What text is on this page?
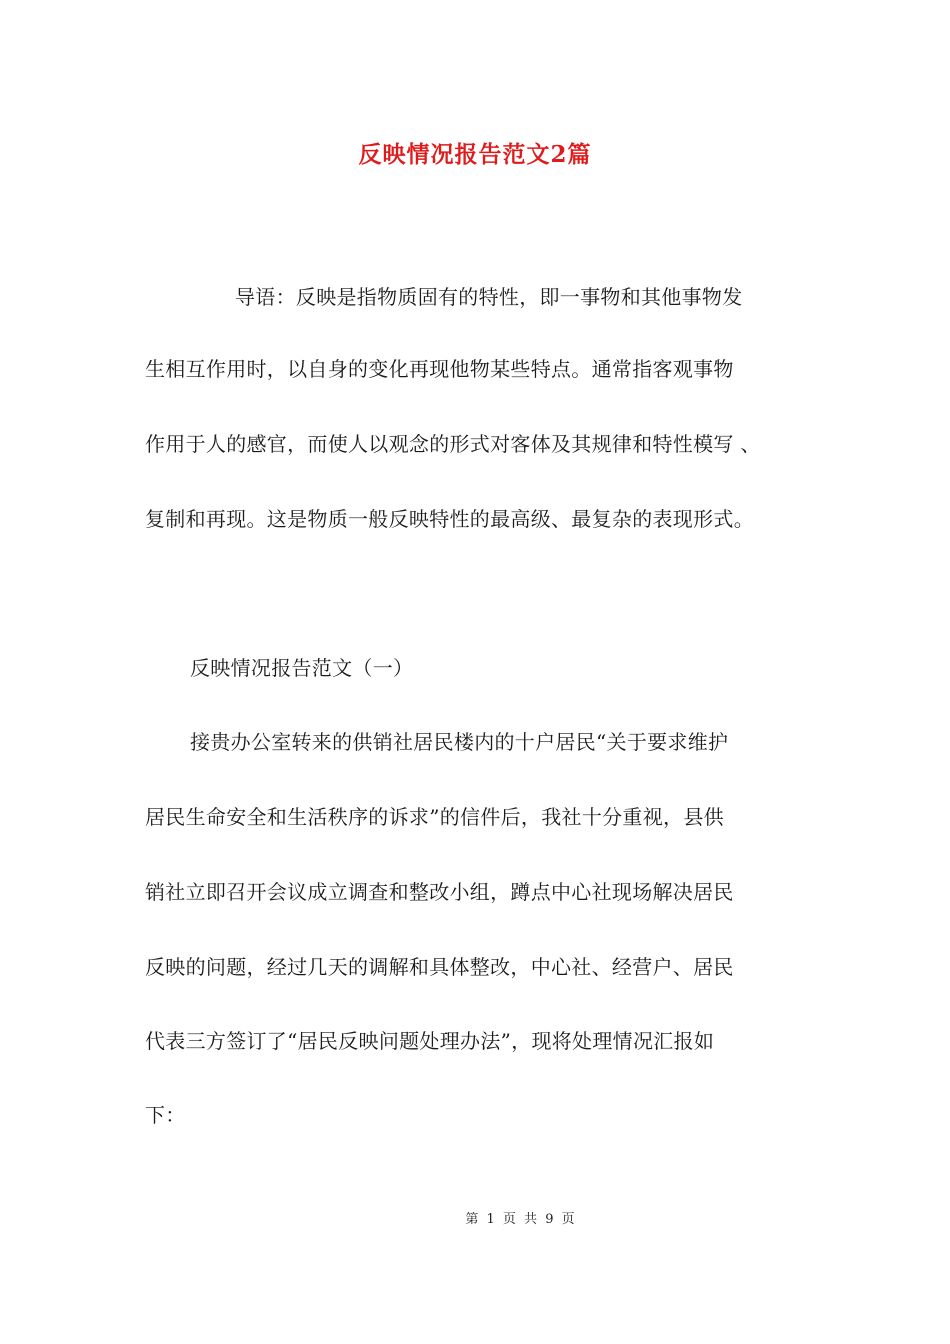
反映情况报告范文2篇
导语：反映是指物质固有的特性，即一事物和其他事物发
生相互作用时，以自身的变化再现他物某些特点。通常指客观事物
作用于人的感官，而使人以观念的形式对客体及其规律和特性模写 、
复制和再现。这是物质一般反映特性的最高级、最复杂的表现形式。
反映情况报告范文（一）
接贵办公室转来的供销社居民楼内的十户居民“关于要求维护
居民生命安全和生活秩序的诉求”的信件后，我社十分重视，县供
销社立即召开会议成立调查和整改小组，蹲点中心社现场解决居民
反映的问题，经过几天的调解和具体整改，中心社、经营户、居民
代表三方签订了“居民反映问题处理办法”，现将处理情况汇报如
下：
第 1 页 共 9 页
